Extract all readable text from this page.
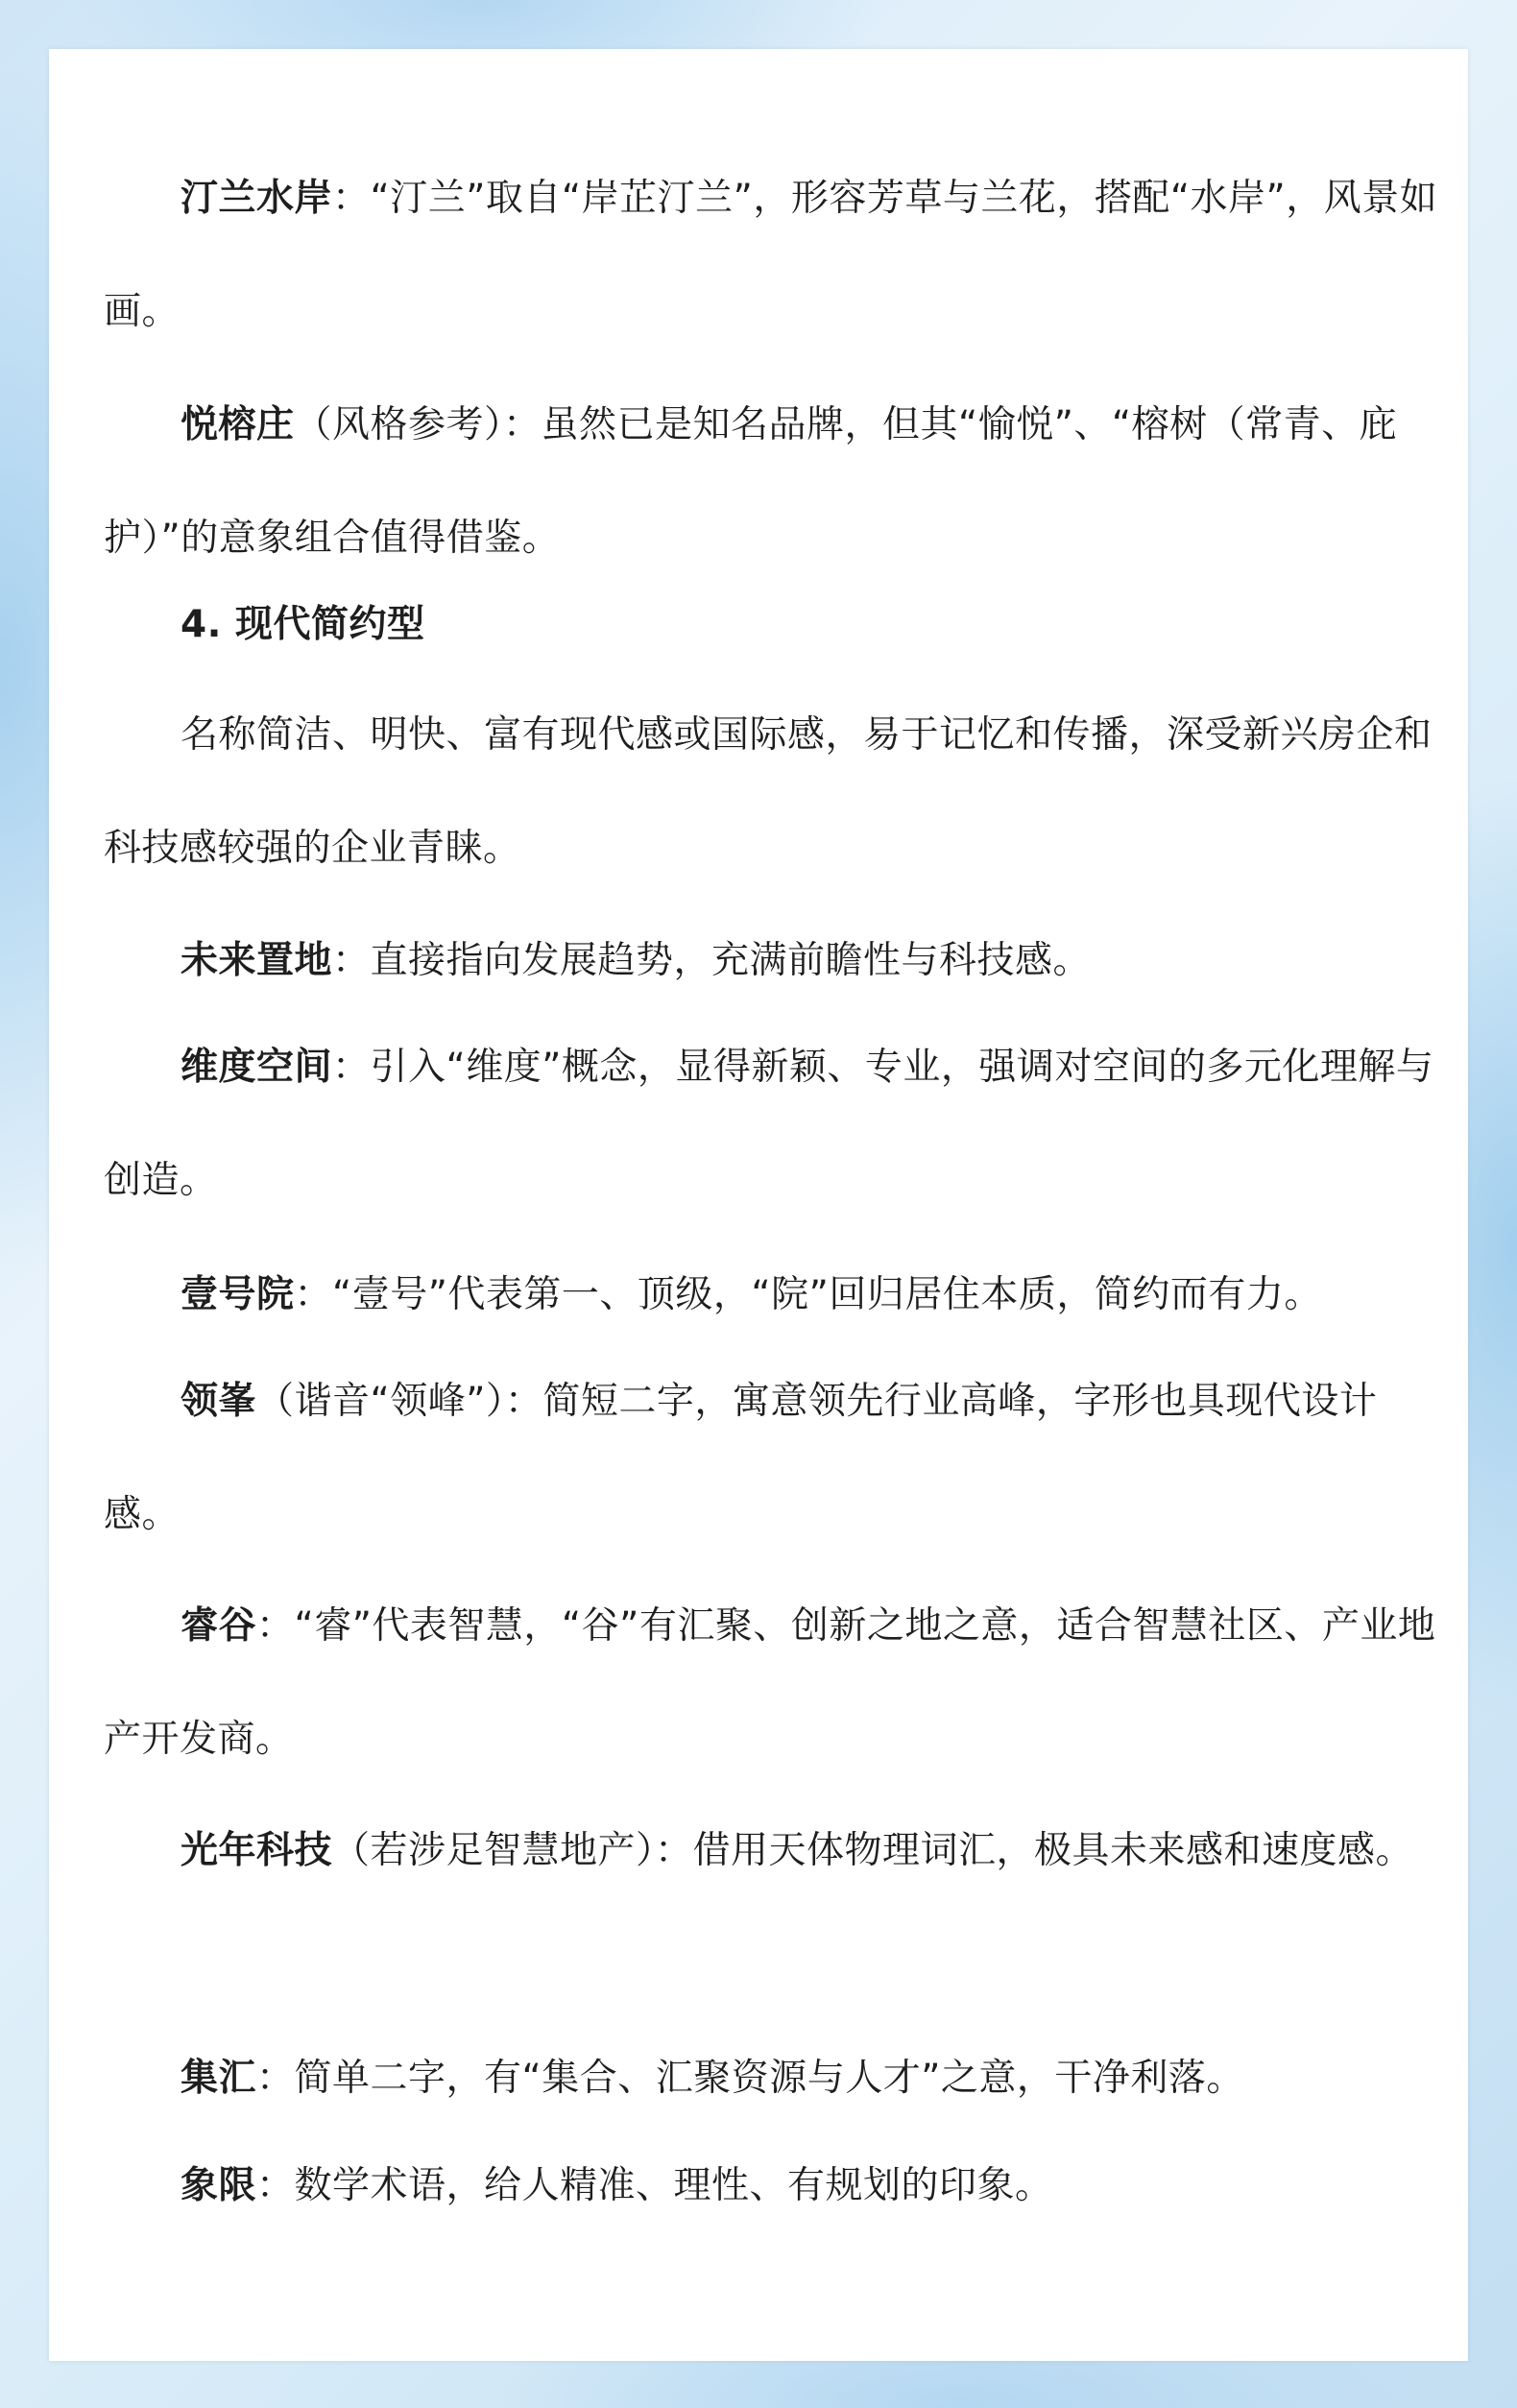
汀兰水岸：“汀兰”取自“岸芷汀兰”，形容芳草与兰花，搭配“水岸”，风景如画。

悦榕庄（风格参考）：虽然已是知名品牌，但其“愉悦”、“榕树（常青、庇护）”的意象组合值得借鉴。

4. 现代简约型

名称简洁、明快、富有现代感或国际感，易于记忆和传播，深受新兴房企和科技感较强的企业青睐。

未来置地：直接指向发展趋势，充满前瞻性与科技感。

维度空间：引入“维度”概念，显得新颖、专业，强调对空间的多元化理解与创造。

壹号院：“壹号”代表第一、顶级，“院”回归居住本质，简约而有力。

领峯（谐音“领峰”）：简短二字，寓意领先行业高峰，字形也具现代设计感。

睿谷：“睿”代表智慧，“谷”有汇聚、创新之地之意，适合智慧社区、产业地产开发商。

光年科技（若涉足智慧地产）：借用天体物理词汇，极具未来感和速度感。

集汇：简单二字，有“集合、汇聚资源与人才”之意，干净利落。

象限：数学术语，给人精准、理性、有规划的印象。
